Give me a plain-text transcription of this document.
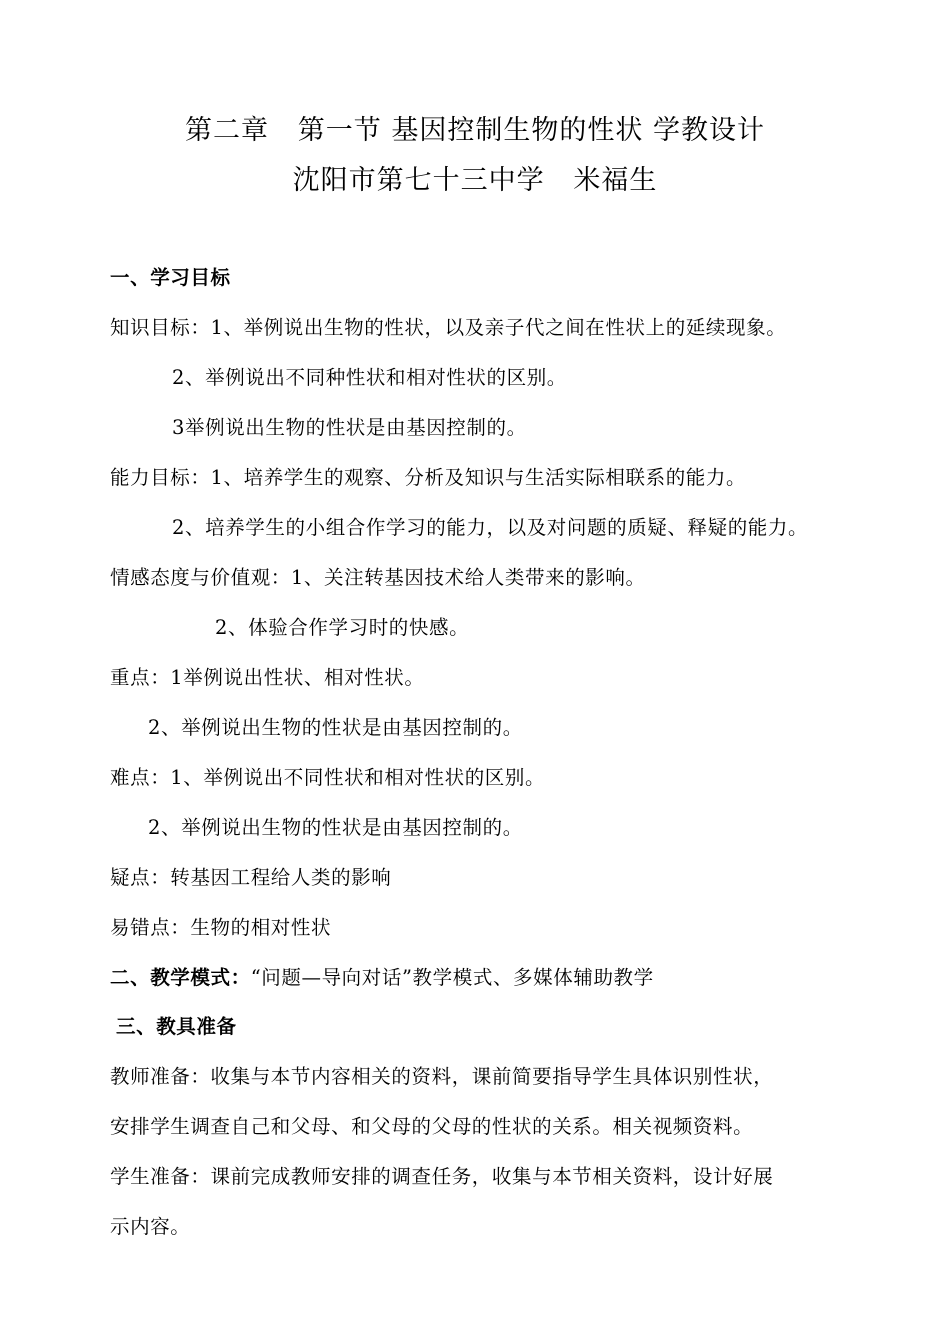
第二章   第一节 基因控制生物的性状 学教设计
沈阳市第七十三中学   米福生
一、学习目标
知识目标：1、举例说出生物的性状，以及亲子代之间在性状上的延续现象。
2、举例说出不同种性状和相对性状的区别。
3举例说出生物的性状是由基因控制的。
能力目标：1、培养学生的观察、分析及知识与生活实际相联系的能力。
2、培养学生的小组合作学习的能力，以及对问题的质疑、释疑的能力。
情感态度与价值观：1、关注转基因技术给人类带来的影响。
2、体验合作学习时的快感。
重点：1举例说出性状、相对性状。
2、举例说出生物的性状是由基因控制的。
难点：1、举例说出不同性状和相对性状的区别。
2、举例说出生物的性状是由基因控制的。
疑点：转基因工程给人类的影响
易错点：生物的相对性状
二、教学模式：“问题—导向对话”教学模式、多媒体辅助教学
三、教具准备
教师准备：收集与本节内容相关的资料，课前简要指导学生具体识别性状，
安排学生调查自己和父母、和父母的父母的性状的关系。相关视频资料。
学生准备：课前完成教师安排的调查任务，收集与本节相关资料，设计好展
示内容。
